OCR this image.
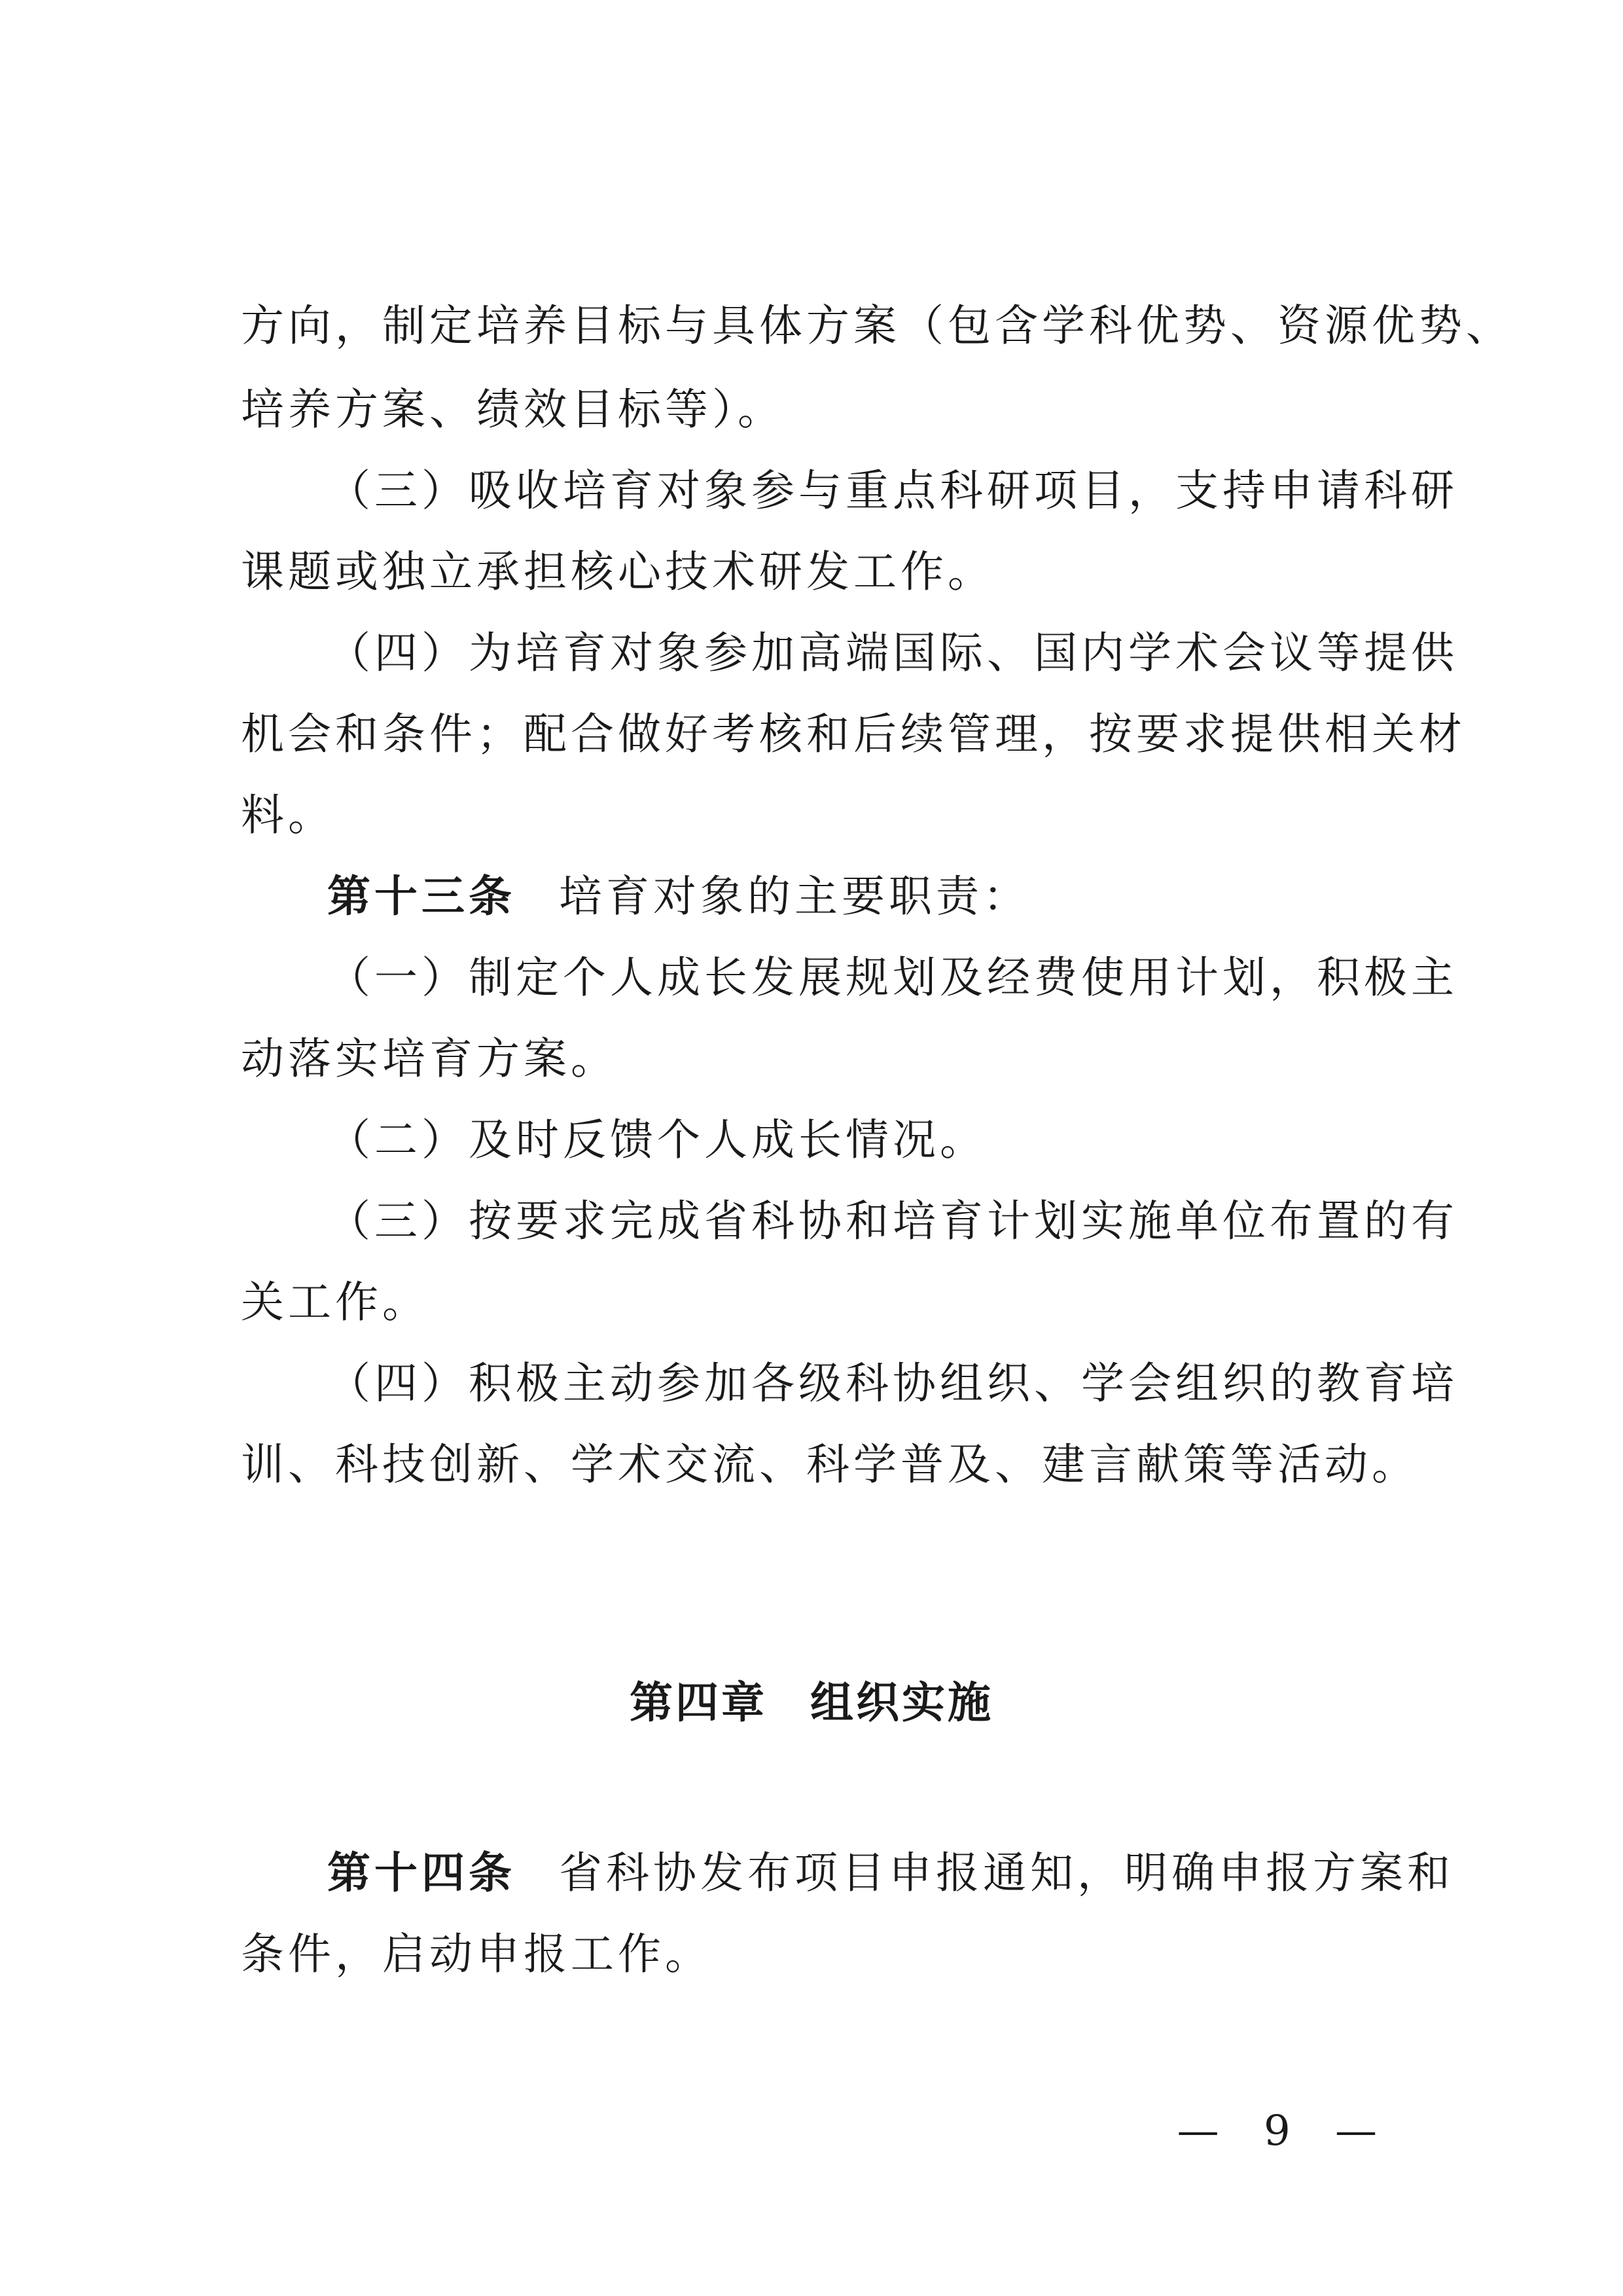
方向，制定培养目标与具体方案（包含学科优势、资源优势、
培养方案、绩效目标等）。
（三）吸收培育对象参与重点科研项目，支持申请科研
课题或独立承担核心技术研发工作。
（四）为培育对象参加高端国际、国内学术会议等提供
机会和条件；配合做好考核和后续管理，按要求提供相关材
料。
第十三条 培育对象的主要职责：
（一）制定个人成长发展规划及经费使用计划，积极主
动落实培育方案。
（二）及时反馈个人成长情况。
（三）按要求完成省科协和培育计划实施单位布置的有
关工作。
（四）积极主动参加各级科协组织、学会组织的教育培
训、科技创新、学术交流、科学普及、建言献策等活动。
第四章 组织实施
第十四条 省科协发布项目申报通知，明确申报方案和
条件，启动申报工作。
— 9 —
